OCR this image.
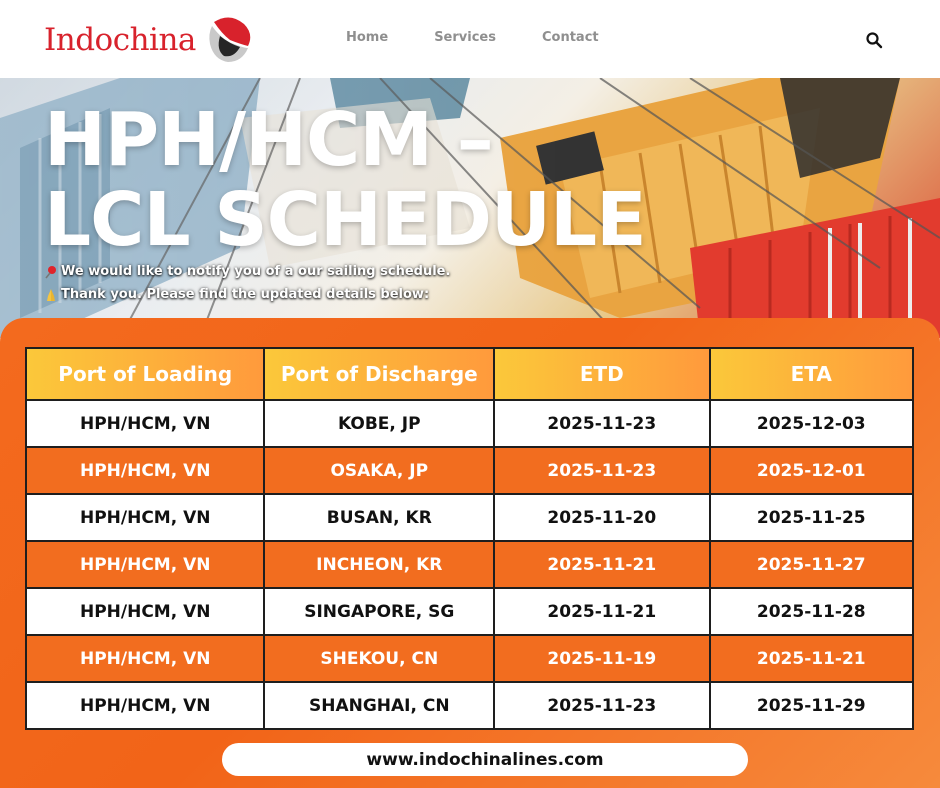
Indochina	Home	Services	Contact
HPH/HCM –
LCL SCHEDULE
We would like to notify you of a our sailing schedule.
Thank you. Please find the updated details below:
Port of Loading	Port of Discharge	ETD	ETA
HPH/HCM, VN	KOBE, JP	2025-11-23	2025-12-03
HPH/HCM, VN	OSAKA, JP	2025-11-23	2025-12-01
HPH/HCM, VN	BUSAN, KR	2025-11-20	2025-11-25
HPH/HCM, VN	INCHEON, KR	2025-11-21	2025-11-27
HPH/HCM, VN	SINGAPORE, SG	2025-11-21	2025-11-28
HPH/HCM, VN	SHEKOU, CN	2025-11-19	2025-11-21
HPH/HCM, VN	SHANGHAI, CN	2025-11-23	2025-11-29
www.indochinalines.com
